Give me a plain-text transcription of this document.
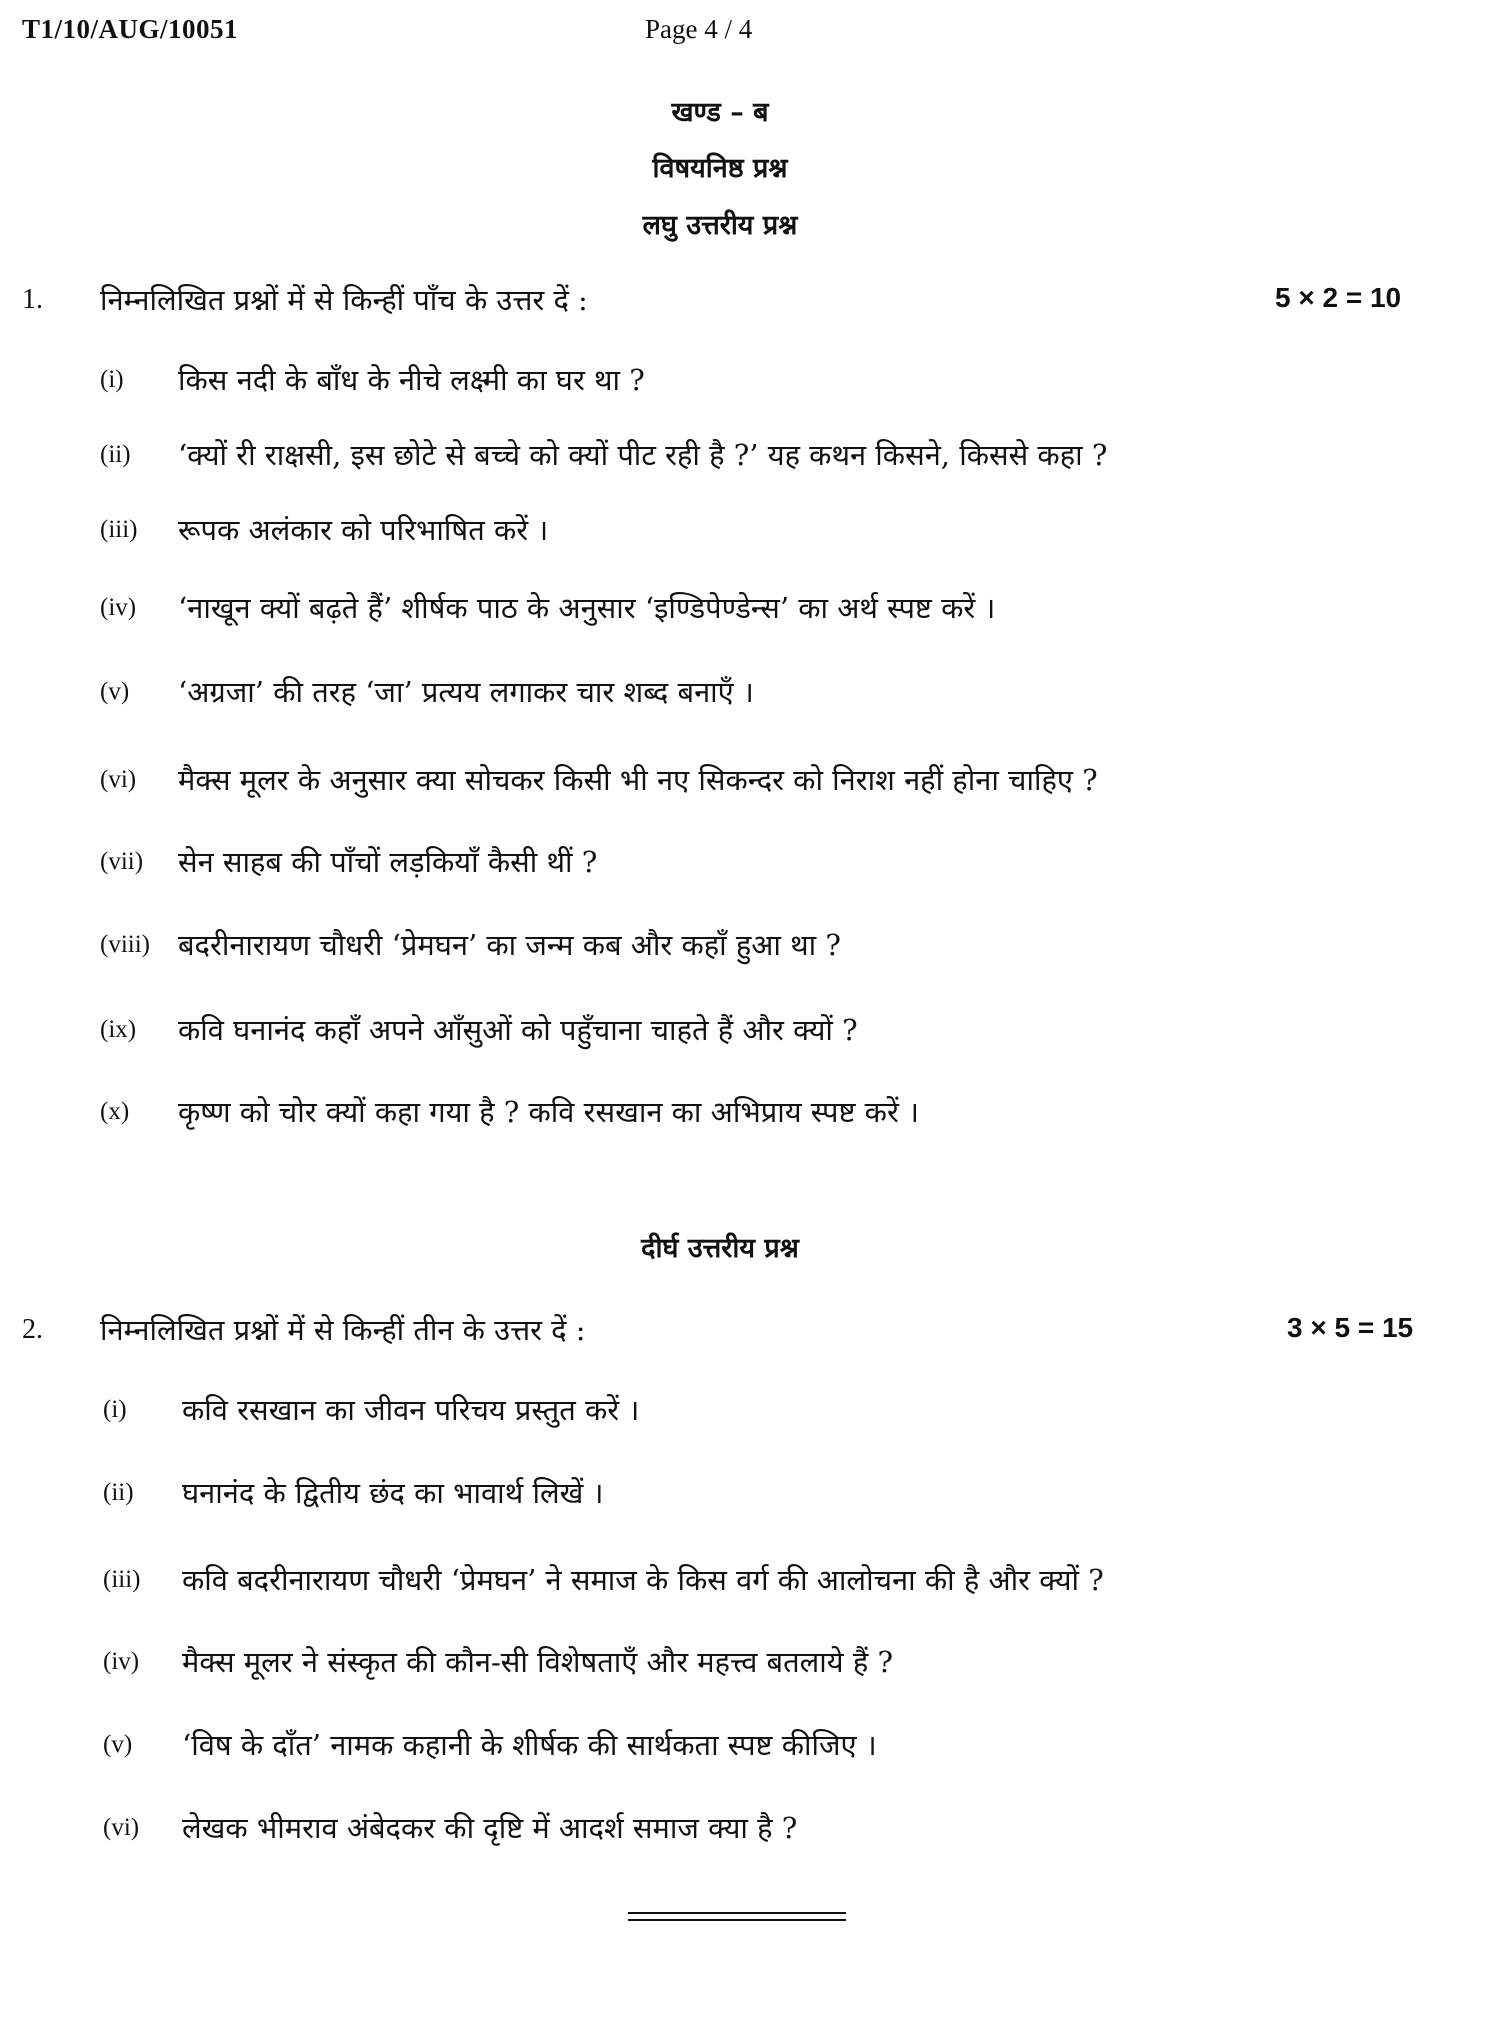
T1/10/AUG/10051	Page 4 / 4
खण्ड – ब
विषयनिष्ठ प्रश्न
लघु उत्तरीय प्रश्न
1. निम्नलिखित प्रश्नों में से किन्हीं पाँच के उत्तर दें :	5 × 2 = 10
(i) किस नदी के बाँध के नीचे लक्ष्मी का घर था ?
(ii) ‘क्यों री राक्षसी, इस छोटे से बच्चे को क्यों पीट रही है ?’ यह कथन किसने, किससे कहा ?
(iii) रूपक अलंकार को परिभाषित करें ।
(iv) ‘नाखून क्यों बढ़ते हैं’ शीर्षक पाठ के अनुसार ‘इण्डिपेण्डेन्स’ का अर्थ स्पष्ट करें ।
(v) ‘अग्रजा’ की तरह ‘जा’ प्रत्यय लगाकर चार शब्द बनाएँ ।
(vi) मैक्स मूलर के अनुसार क्या सोचकर किसी भी नए सिकन्दर को निराश नहीं होना चाहिए ?
(vii) सेन साहब की पाँचों लड़कियाँ कैसी थीं ?
(viii) बदरीनारायण चौधरी ‘प्रेमघन’ का जन्म कब और कहाँ हुआ था ?
(ix) कवि घनानंद कहाँ अपने आँसुओं को पहुँचाना चाहते हैं और क्यों ?
(x) कृष्ण को चोर क्यों कहा गया है ? कवि रसखान का अभिप्राय स्पष्ट करें ।
दीर्घ उत्तरीय प्रश्न
2. निम्नलिखित प्रश्नों में से किन्हीं तीन के उत्तर दें :	3 × 5 = 15
(i) कवि रसखान का जीवन परिचय प्रस्तुत करें ।
(ii) घनानंद के द्वितीय छंद का भावार्थ लिखें ।
(iii) कवि बदरीनारायण चौधरी ‘प्रेमघन’ ने समाज के किस वर्ग की आलोचना की है और क्यों ?
(iv) मैक्स मूलर ने संस्कृत की कौन-सी विशेषताएँ और महत्त्व बतलाये हैं ?
(v) ‘विष के दाँत’ नामक कहानी के शीर्षक की सार्थकता स्पष्ट कीजिए ।
(vi) लेखक भीमराव अंबेदकर की दृष्टि में आदर्श समाज क्या है ?
